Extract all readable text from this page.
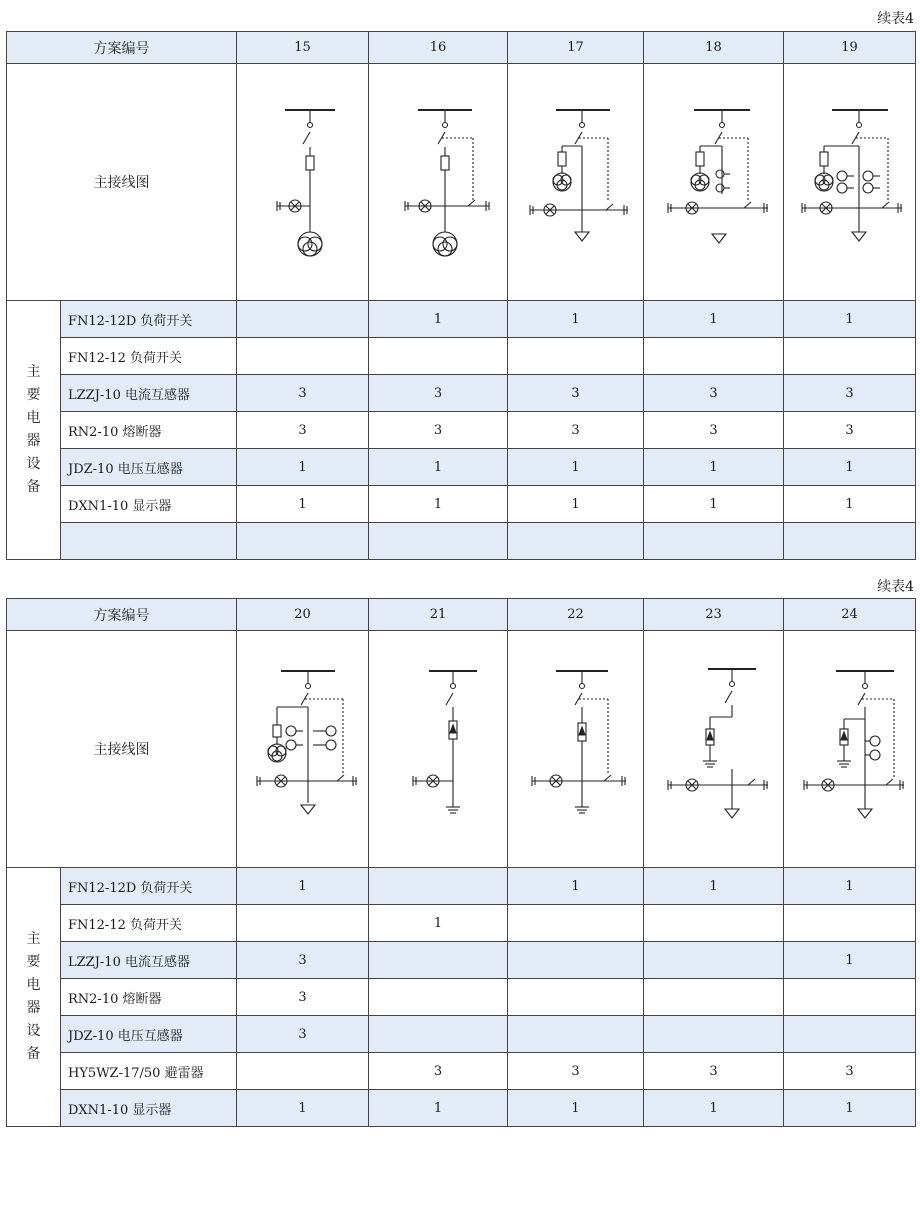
续表4
方案编号		15	16	17	18	19
主接线图	

主要电器设备	FN12-12D 负荷开关		1	1	1	1
	FN12-12 负荷开关					
	LZZJ-10 电流互感器	3	3	3	3	3
	RN2-10 熔断器	3	3	3	3	3
	JDZ-10 电压互感器	1	1	1	1	1
	DXN1-10 显示器	1	1	1	1	1

续表4
方案编号		20	21	22	23	24
主接线图	

主要电器设备	FN12-12D 负荷开关	1		1	1	1
	FN12-12 负荷开关		1			
	LZZJ-10 电流互感器	3				1
	RN2-10 熔断器	3				
	JDZ-10 电压互感器	3				
	HY5WZ-17/50 避雷器		3	3	3	3
	DXN1-10 显示器	1	1	1	1	1
